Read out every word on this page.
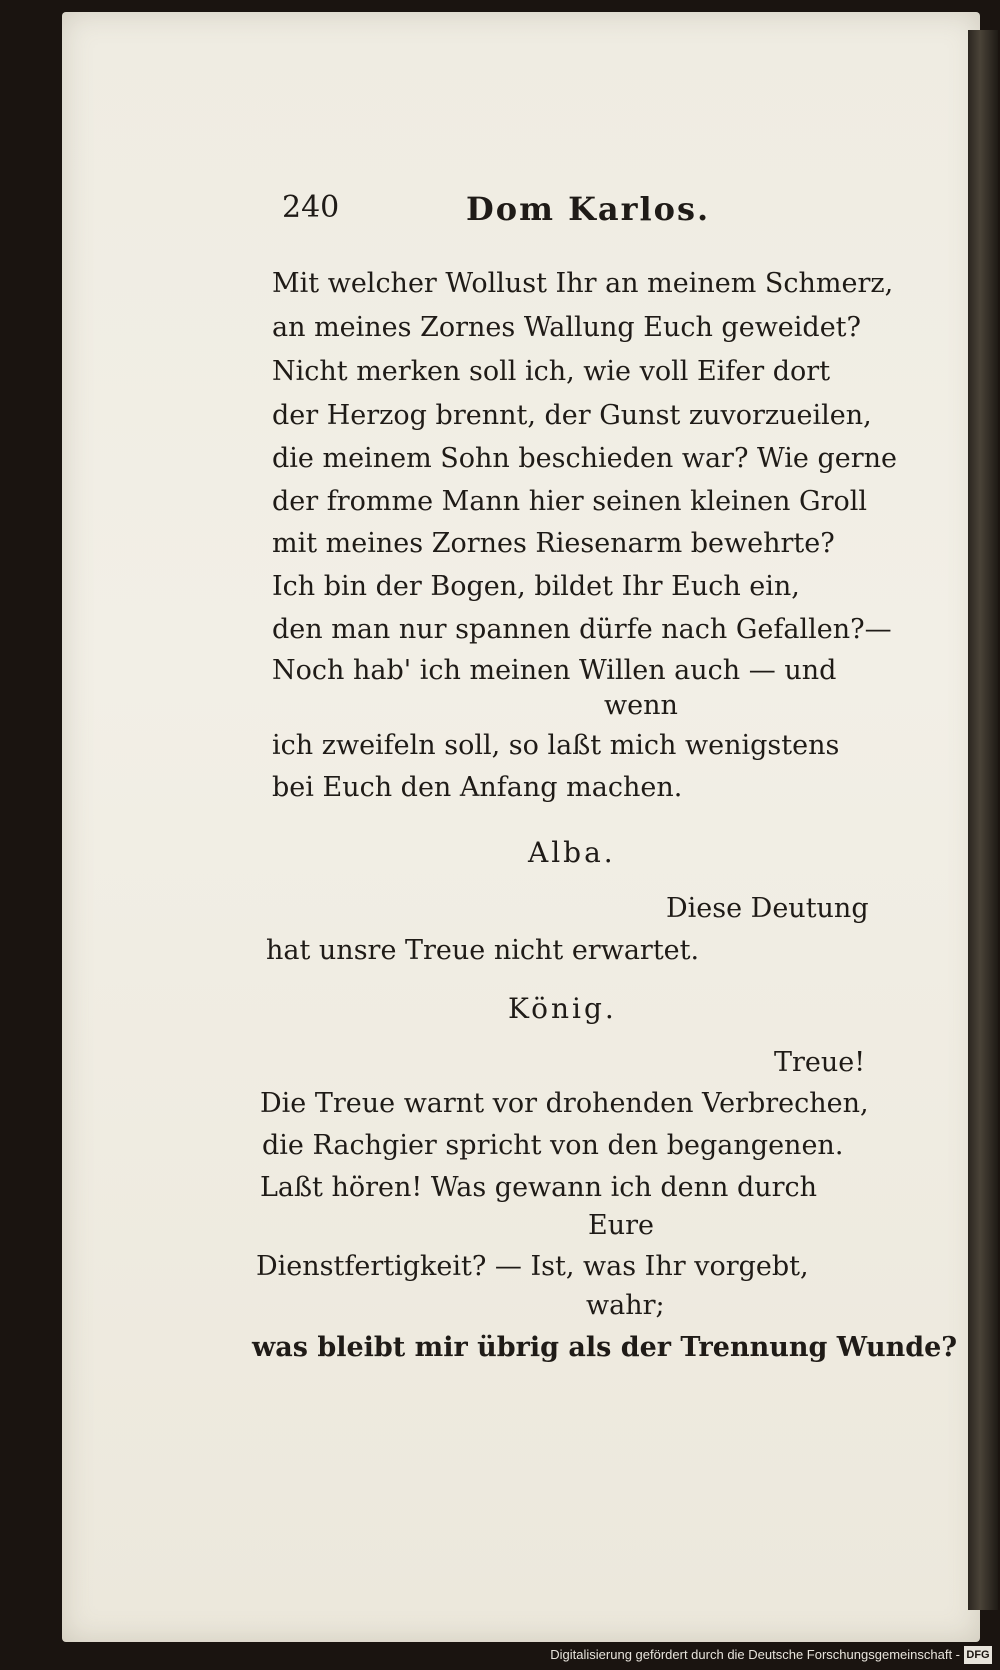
240	Dom Karlos.
Mit welcher Wollust Ihr an meinem Schmerz,
an meines Zornes Wallung Euch geweidet?
Nicht merken soll ich, wie voll Eifer dort
der Herzog brennt, der Gunst zuvorzueilen,
die meinem Sohn beschieden war? Wie gerne
der fromme Mann hier seinen kleinen Groll
mit meines Zornes Riesenarm bewehrte?
Ich bin der Bogen, bildet Ihr Euch ein,
den man nur spannen dürfe nach Gefallen?—
Noch hab' ich meinen Willen auch — und
wenn
ich zweifeln soll, so laßt mich wenigstens
bei Euch den Anfang machen.
Alba.
Diese Deutung
hat unsre Treue nicht erwartet.
König.
Treue!
Die Treue warnt vor drohenden Verbrechen,
die Rachgier spricht von den begangenen.
Laßt hören! Was gewann ich denn durch
Eure
Dienstfertigkeit? — Ist, was Ihr vorgebt,
wahr;
was bleibt mir übrig als der Trennung Wunde?
Digitalisierung gefördert durch die Deutsche Forschungsgemeinschaft - DFG
